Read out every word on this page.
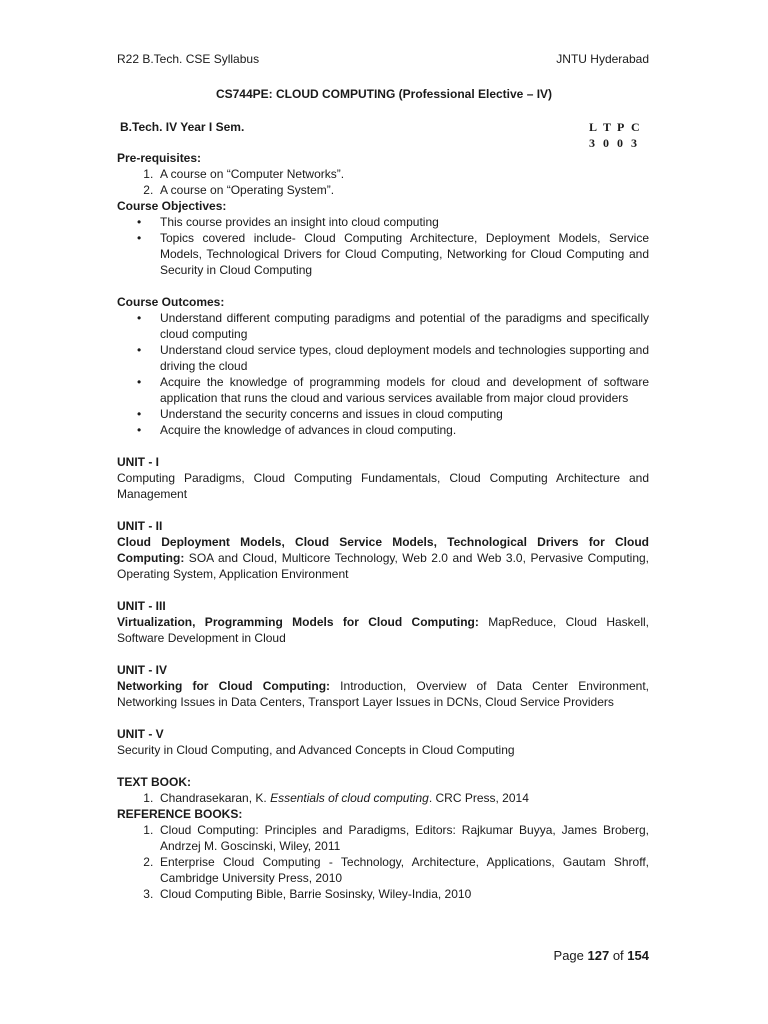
R22 B.Tech. CSE Syllabus	JNTU Hyderabad
CS744PE: CLOUD COMPUTING (Professional Elective – IV)
B.Tech. IV Year I Sem.	L T P C
3 0 0 3
Pre-requisites:
1. A course on “Computer Networks”.
2. A course on “Operating System”.
Course Objectives:
• This course provides an insight into cloud computing
• Topics covered include- Cloud Computing Architecture, Deployment Models, Service Models, Technological Drivers for Cloud Computing, Networking for Cloud Computing and Security in Cloud Computing
Course Outcomes:
• Understand different computing paradigms and potential of the paradigms and specifically cloud computing
• Understand cloud service types, cloud deployment models and technologies supporting and driving the cloud
• Acquire the knowledge of programming models for cloud and development of software application that runs the cloud and various services available from major cloud providers
• Understand the security concerns and issues in cloud computing
• Acquire the knowledge of advances in cloud computing.
UNIT - I
Computing Paradigms, Cloud Computing Fundamentals, Cloud Computing Architecture and Management
UNIT - II
Cloud Deployment Models, Cloud Service Models, Technological Drivers for Cloud Computing: SOA and Cloud, Multicore Technology, Web 2.0 and Web 3.0, Pervasive Computing, Operating System, Application Environment
UNIT - III
Virtualization, Programming Models for Cloud Computing: MapReduce, Cloud Haskell, Software Development in Cloud
UNIT - IV
Networking for Cloud Computing: Introduction, Overview of Data Center Environment, Networking Issues in Data Centers, Transport Layer Issues in DCNs, Cloud Service Providers
UNIT - V
Security in Cloud Computing, and Advanced Concepts in Cloud Computing
TEXT BOOK:
1. Chandrasekaran, K. Essentials of cloud computing. CRC Press, 2014
REFERENCE BOOKS:
1. Cloud Computing: Principles and Paradigms, Editors: Rajkumar Buyya, James Broberg, Andrzej M. Goscinski, Wiley, 2011
2. Enterprise Cloud Computing - Technology, Architecture, Applications, Gautam Shroff, Cambridge University Press, 2010
3. Cloud Computing Bible, Barrie Sosinsky, Wiley-India, 2010
Page 127 of 154
